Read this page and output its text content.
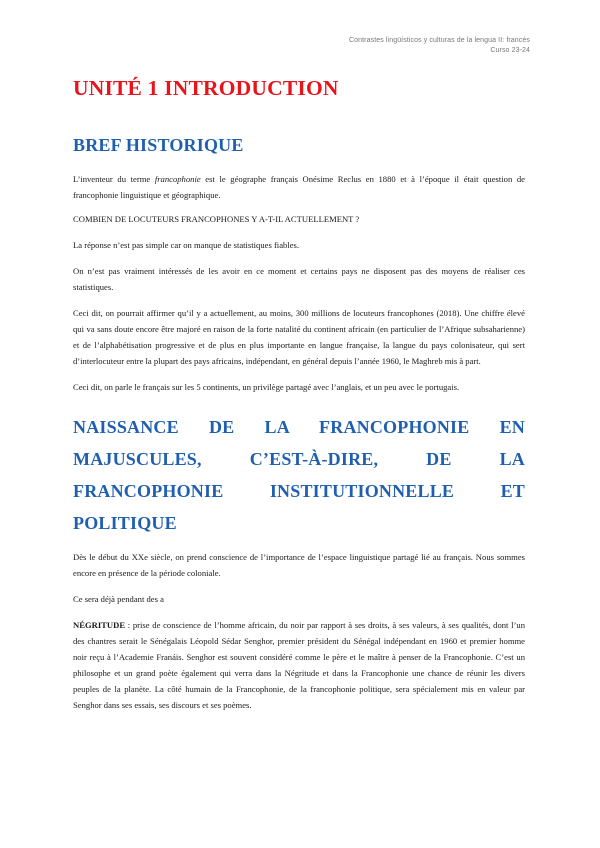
Contrastes lingüísticos y culturas de la lengua II: francés
Curso 23-24
UNITÉ 1 INTRODUCTION
BREF HISTORIQUE

L’inventeur du terme francophonie est le géographe français Onésime Reclus en 1880 et à l’époque il était question de francophonie linguistique et géographique.

COMBIEN DE LOCUTEURS FRANCOPHONES Y A-T-IL ACTUELLEMENT ?

La réponse n’est pas simple car on manque de statistiques fiables.

On n’est pas vraiment intéressés de les avoir en ce moment et certains pays ne disposent pas des moyens de réaliser ces statistiques.

Ceci dit, on pourrait affirmer qu’il y a actuellement, au moins, 300 millions de locuteurs francophones (2018). Une chiffre élevé qui va sans doute encore être majoré en raison de la forte natalité du continent africain (en particulier de l’Afrique subsaharienne) et de l’alphabétisation progressive et de plus en plus importante en langue française, la langue du pays colonisateur, qui sert d’interlocuteur entre la plupart des pays africains, indépendant, en général depuis l’année 1960, le Maghreb mis à part.

Ceci dit, on parle le français sur les 5 continents, un privilège partagé avec l’anglais, et un peu avec le portugais.

NAISSANCE DE LA FRANCOPHONIE EN MAJUSCULES, C’EST-À-DIRE, DE LA FRANCOPHONIE INSTITUTIONNELLE ET
POLITIQUE

Dès le début du XXe siècle, on prend conscience de l’importance de l’espace linguistique partagé lié au français. Nous sommes encore en présence de la période coloniale.

Ce sera déjà pendant des a

NÉGRITUDE : prise de conscience de l’homme africain, du noir par rapport à ses droits, à ses valeurs, à ses qualités, dont l’un des chantres serait le Sénégalais Léopold Sédar Senghor, premier président du Sénégal indépendant en 1960 et premier homme noir reçu à l’Academie Franáis. Senghor est souvent considéré comme le père et le maître à penser de la Francophonie. C’est un philosophe et un grand poète également qui verra dans la Négritude et dans la Francophonie une chance de réunir les divers peuples de la planète. La côté humain de la Francophonie, de la francophonie politique, sera spécialement mis en valeur par Senghor dans ses essais, ses discours et ses poèmes.
